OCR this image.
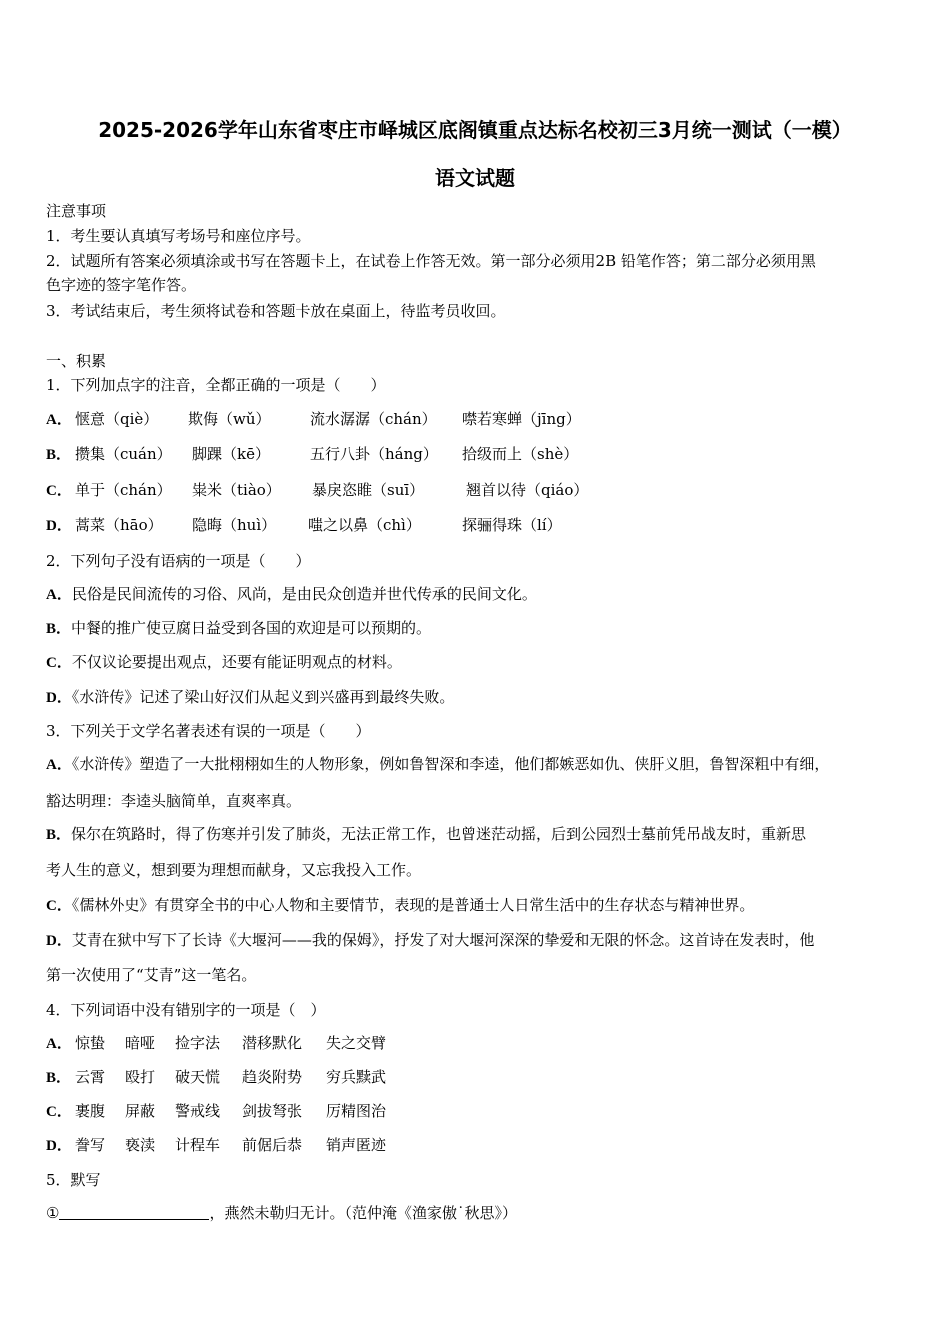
2025-2026学年山东省枣庄市峄城区底阁镇重点达标名校初三3月统一测试（一模）
语文试题
注意事项
1．考生要认真填写考场号和座位序号。
2．试题所有答案必须填涂或书写在答题卡上，在试卷上作答无效。第一部分必须用2B 铅笔作答；第二部分必须用黑
色字迹的签字笔作答。
3．考试结束后，考生须将试卷和答题卡放在桌面上，待监考员收回。
一、积累
1．下列加点字的注音，全都正确的一项是（　　）
A． 惬意（qiè） 欺侮（wǔ）	流水潺潺（chán） 噤若寒蝉（jīng）
B． 攒集（cuán） 脚踝（kē）	五行八卦（háng） 拾级而上（shè）
C． 单于（chán） 粜米（tiào） 暴戾恣睢（suī）	翘首以待（qiáo）
D． 蒿菜（hāo） 隐晦（huì） 嗤之以鼻（chì）	探骊得珠（lí）
2．下列句子没有语病的一项是（　　）
A．民俗是民间流传的习俗、风尚，是由民众创造并世代传承的民间文化。
B．中餐的推广使豆腐日益受到各国的欢迎是可以预期的。
C．不仅议论要提出观点，还要有能证明观点的材料。
D．《水浒传》记述了梁山好汉们从起义到兴盛再到最终失败。
3．下列关于文学名著表述有误的一项是（　　）
A．《水浒传》塑造了一大批栩栩如生的人物形象，例如鲁智深和李逵，他们都嫉恶如仇、侠肝义胆，鲁智深粗中有细，
豁达明理：李逵头脑简单，直爽率真。
B．保尔在筑路时，得了伤寒并引发了肺炎，无法正常工作，也曾迷茫动摇，后到公园烈士墓前凭吊战友时，重新思
考人生的意义，想到要为理想而献身，又忘我投入工作。
C．《儒林外史》有贯穿全书的中心人物和主要情节，表现的是普通士人日常生活中的生存状态与精神世界。
D．艾青在狱中写下了长诗《大堰河——我的保姆》，抒发了对大堰河深深的挚爱和无限的怀念。这首诗在发表时，他
第一次使用了“艾青”这一笔名。
4．下列词语中没有错别字的一项是（　）
A． 惊蛰 暗哑 捡字法 潜移默化 失之交臂
B． 云霄 殴打 破天慌 趋炎附势 穷兵黩武
C． 裹腹 屏蔽 警戒线 剑拔弩张 厉精图治
D． 誊写 亵渎 计程车 前倨后恭 销声匿迹
5．默写
①	，燕然未勒归无计。（范仲淹《渔家傲˙秋思》）
